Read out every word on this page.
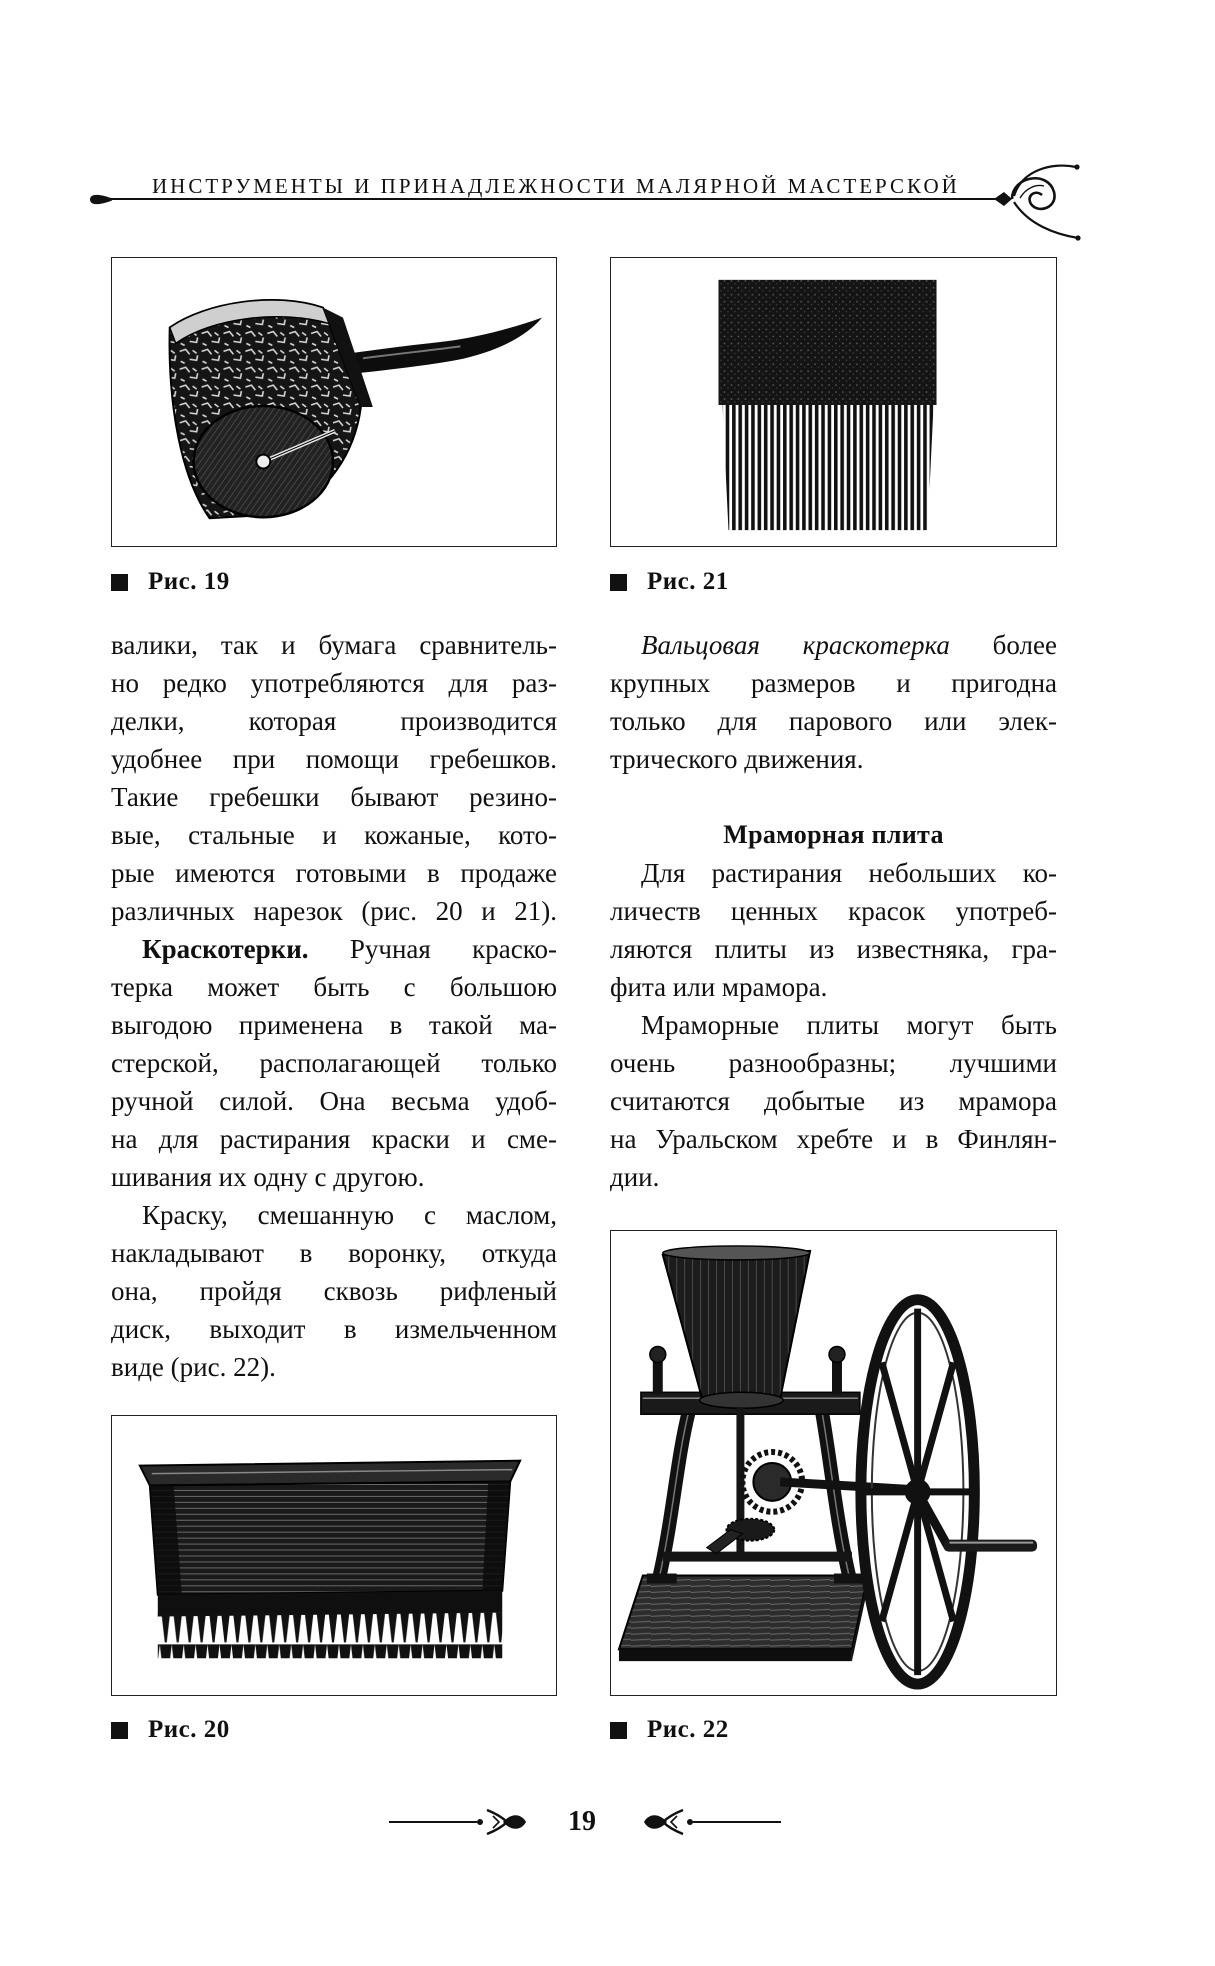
ИНСТРУМЕНТЫ И ПРИНАДЛЕЖНОСТИ МАЛЯРНОЙ МАСТЕРСКОЙ
Рис. 19	Рис. 21
валики, так и бумага сравнитель-
но редко употребляются для раз-
делки, которая производится
удобнее при помощи гребешков.
Такие гребешки бывают резино-
вые, стальные и кожаные, кото-
рые имеются готовыми в продаже
различных нарезок (рис. 20 и 21).
Краскотерки. Ручная краско-
терка может быть с большою
выгодою применена в такой ма-
стерской, располагающей только
ручной силой. Она весьма удоб-
на для растирания краски и сме-
шивания их одну с другою.
Краску, смешанную с маслом,
накладывают в воронку, откуда
она, пройдя сквозь рифленый
диск, выходит в измельченном
виде (рис. 22).
Вальцовая краскотерка более
крупных размеров и пригодна
только для парового или элек-
трического движения.
Мраморная плита
Для растирания небольших ко-
личеств ценных красок употреб-
ляются плиты из известняка, гра-
фита или мрамора.
Мраморные плиты могут быть
очень разнообразны; лучшими
считаются добытые из мрамора
на Уральском хребте и в Финлян-
дии.
Рис. 20	Рис. 22
19
